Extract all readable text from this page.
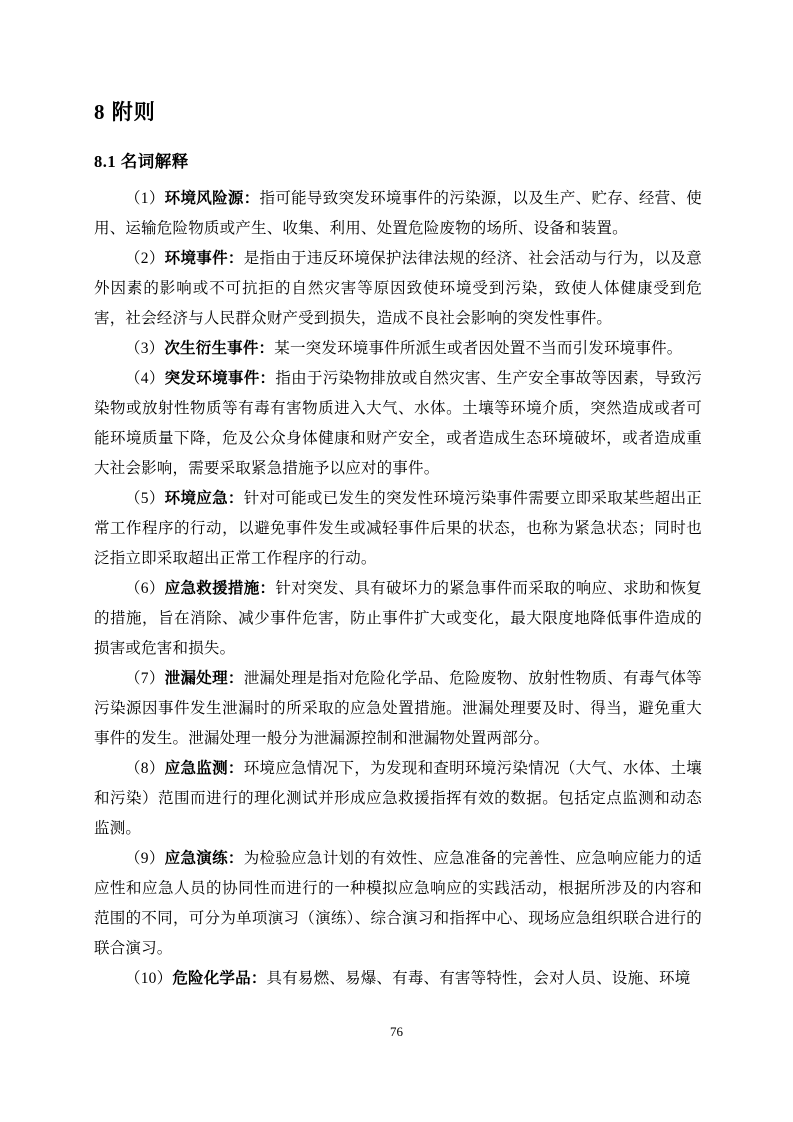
8 附则
8.1 名词解释

（1）环境风险源：指可能导致突发环境事件的污染源，以及生产、贮存、经营、使用、运输危险物质或产生、收集、利用、处置危险废物的场所、设备和装置。

（2）环境事件：是指由于违反环境保护法律法规的经济、社会活动与行为，以及意外因素的影响或不可抗拒的自然灾害等原因致使环境受到污染，致使人体健康受到危害，社会经济与人民群众财产受到损失，造成不良社会影响的突发性事件。

（3）次生衍生事件：某一突发环境事件所派生或者因处置不当而引发环境事件。

（4）突发环境事件：指由于污染物排放或自然灾害、生产安全事故等因素，导致污染物或放射性物质等有毒有害物质进入大气、水体。土壤等环境介质，突然造成或者可能环境质量下降，危及公众身体健康和财产安全，或者造成生态环境破坏，或者造成重大社会影响，需要采取紧急措施予以应对的事件。

（5）环境应急：针对可能或已发生的突发性环境污染事件需要立即采取某些超出正常工作程序的行动，以避免事件发生或减轻事件后果的状态，也称为紧急状态；同时也泛指立即采取超出正常工作程序的行动。

（6）应急救援措施：针对突发、具有破坏力的紧急事件而采取的响应、求助和恢复的措施，旨在消除、减少事件危害，防止事件扩大或变化，最大限度地降低事件造成的损害或危害和损失。

（7）泄漏处理：泄漏处理是指对危险化学品、危险废物、放射性物质、有毒气体等污染源因事件发生泄漏时的所采取的应急处置措施。泄漏处理要及时、得当，避免重大事件的发生。泄漏处理一般分为泄漏源控制和泄漏物处置两部分。

（8）应急监测：环境应急情况下，为发现和查明环境污染情况（大气、水体、土壤和污染）范围而进行的理化测试并形成应急救援指挥有效的数据。包括定点监测和动态监测。

（9）应急演练：为检验应急计划的有效性、应急准备的完善性、应急响应能力的适应性和应急人员的协同性而进行的一种模拟应急响应的实践活动，根据所涉及的内容和范围的不同，可分为单项演习（演练）、综合演习和指挥中心、现场应急组织联合进行的联合演习。

（10）危险化学品：具有易燃、易爆、有毒、有害等特性，会对人员、设施、环境

76
